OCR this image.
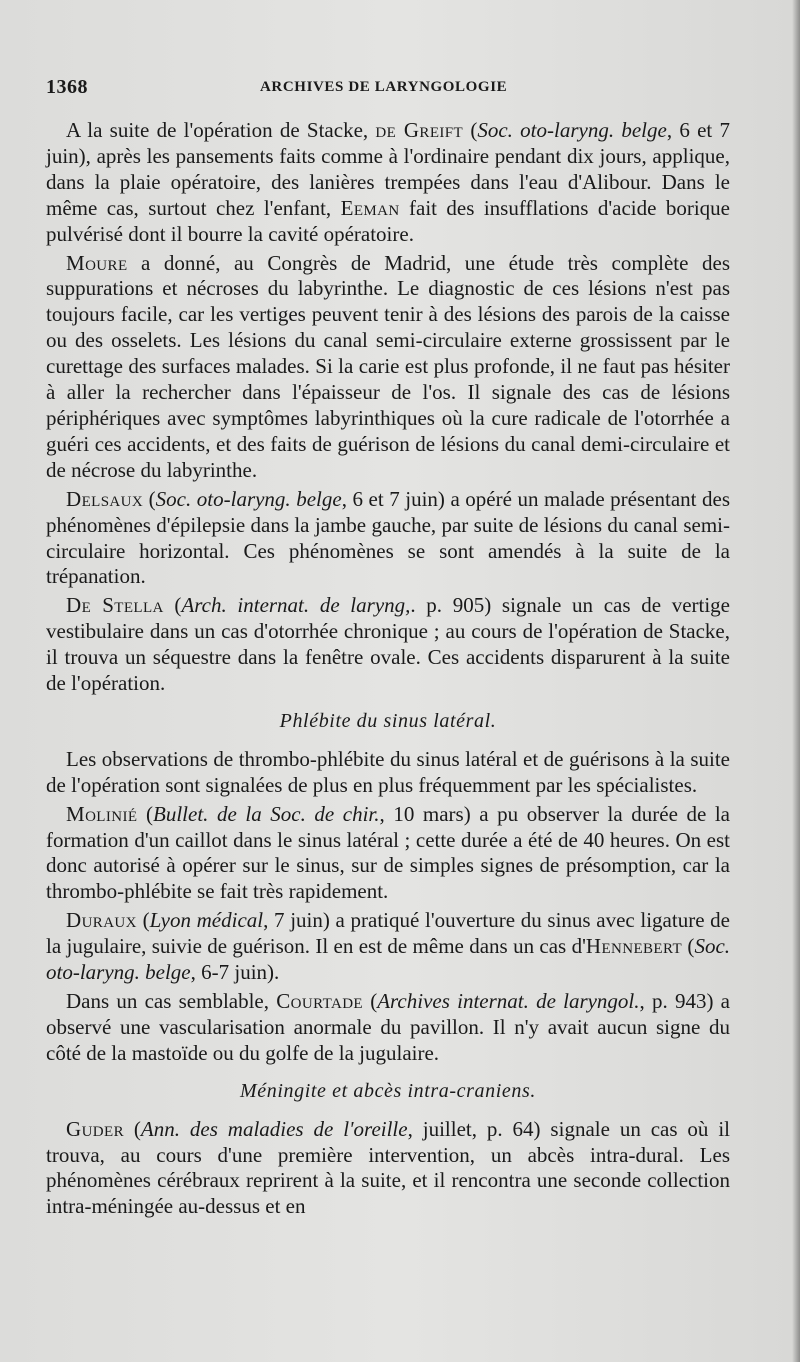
1368	ARCHIVES DE LARYNGOLOGIE

A la suite de l'opération de Stacke, de Greift (Soc. oto-laryng. belge, 6 et 7 juin), après les pansements faits comme à l'ordinaire pendant dix jours, applique, dans la plaie opératoire, des lanières trempées dans l'eau d'Alibour. Dans le même cas, surtout chez l'enfant, Eeman fait des insufflations d'acide borique pulvérisé dont il bourre la cavité opératoire.

Moure a donné, au Congrès de Madrid, une étude très complète des suppurations et nécroses du labyrinthe. Le diagnostic de ces lésions n'est pas toujours facile, car les vertiges peuvent tenir à des lésions des parois de la caisse ou des osselets. Les lésions du canal semi-circulaire externe grossissent par le curettage des surfaces malades. Si la carie est plus profonde, il ne faut pas hésiter à aller la rechercher dans l'épaisseur de l'os. Il signale des cas de lésions périphériques avec symptômes labyrinthiques où la cure radicale de l'otorrhée a guéri ces accidents, et des faits de guérison de lésions du canal demi-circulaire et de nécrose du labyrinthe.

Delsaux (Soc. oto-laryng. belge, 6 et 7 juin) a opéré un malade présentant des phénomènes d'épilepsie dans la jambe gauche, par suite de lésions du canal semi-circulaire horizontal. Ces phénomènes se sont amendés à la suite de la trépanation.

De Stella (Arch. internat. de laryng,. p. 905) signale un cas de vertige vestibulaire dans un cas d'otorrhée chronique ; au cours de l'opération de Stacke, il trouva un séquestre dans la fenêtre ovale. Ces accidents disparurent à la suite de l'opération.

Phlébite du sinus latéral.

Les observations de thrombo-phlébite du sinus latéral et de guérisons à la suite de l'opération sont signalées de plus en plus fréquemment par les spécialistes.

Molinié (Bullet. de la Soc. de chir., 10 mars) a pu observer la durée de la formation d'un caillot dans le sinus latéral ; cette durée a été de 40 heures. On est donc autorisé à opérer sur le sinus, sur de simples signes de présomption, car la thrombo-phlébite se fait très rapidement.

Duraux (Lyon médical, 7 juin) a pratiqué l'ouverture du sinus avec ligature de la jugulaire, suivie de guérison. Il en est de même dans un cas d'Hennebert (Soc. oto-laryng. belge, 6-7 juin).

Dans un cas semblable, Courtade (Archives internat. de laryngol., p. 943) a observé une vascularisation anormale du pavillon. Il n'y avait aucun signe du côté de la mastoïde ou du golfe de la jugulaire.

Méningite et abcès intra-craniens.

Guder (Ann. des maladies de l'oreille, juillet, p. 64) signale un cas où il trouva, au cours d'une première intervention, un abcès intra-dural. Les phénomènes cérébraux reprirent à la suite, et il rencontra une seconde collection intra-méningée au-dessus et en
